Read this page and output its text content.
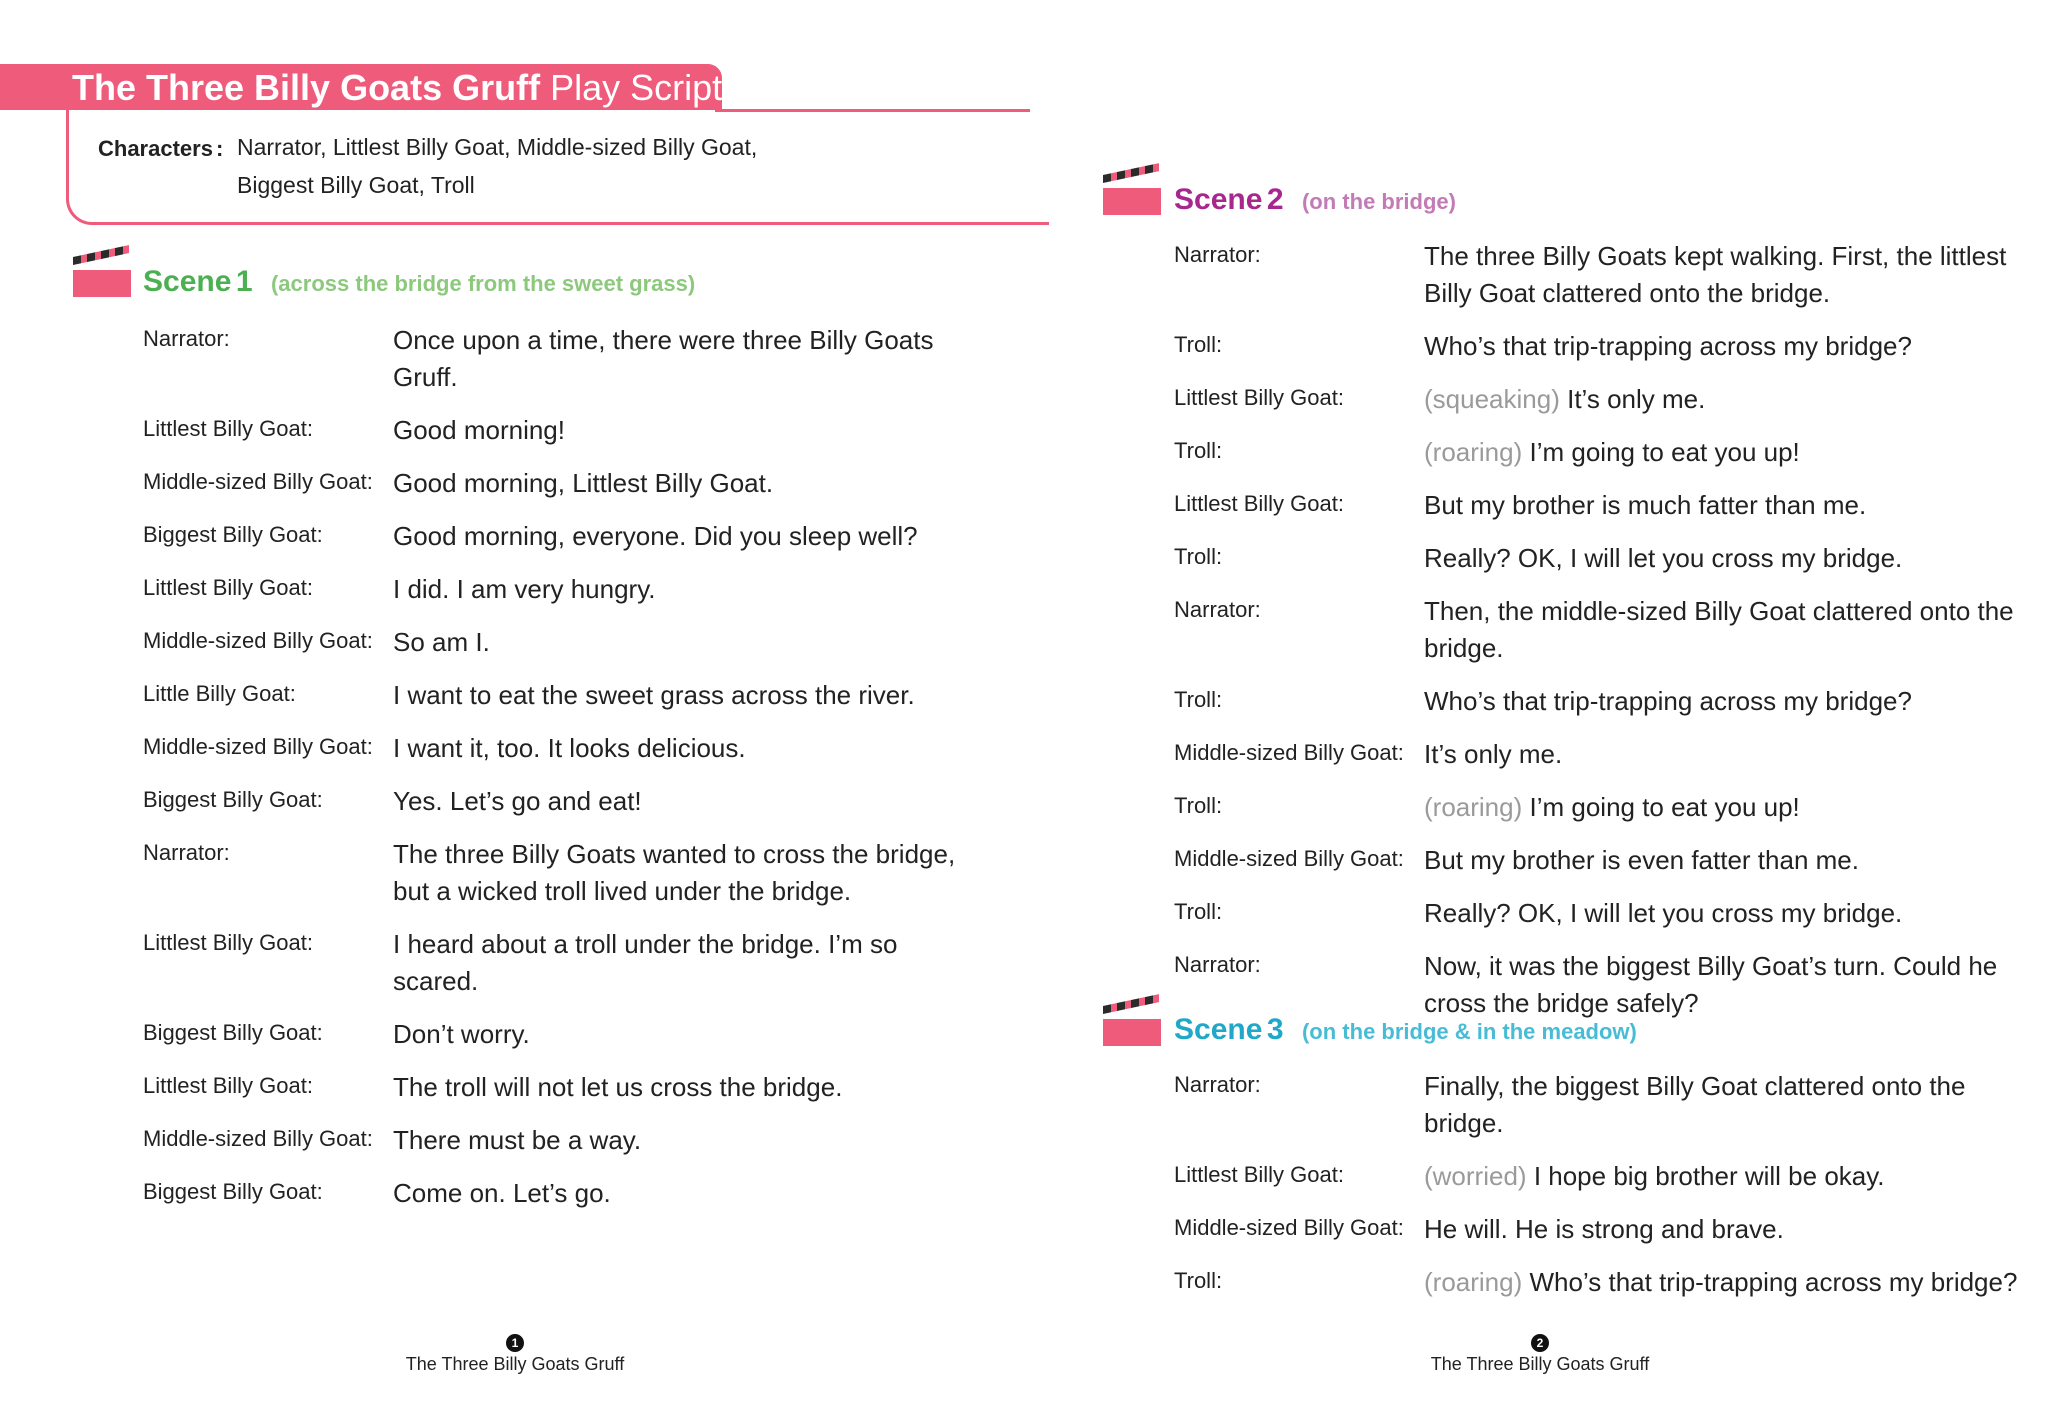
The Three Billy Goats Gruff Play Script
Characters : Narrator, Littlest Billy Goat, Middle-sized Billy Goat,
Biggest Billy Goat, Troll
Scene 1 (across the bridge from the sweet grass)
Narrator:	Once upon a time, there were three Billy Goats Gruff.
Littlest Billy Goat:	Good morning!
Middle-sized Billy Goat: Good morning, Littlest Billy Goat.
Biggest Billy Goat:	Good morning, everyone. Did you sleep well?
Littlest Billy Goat:	I did. I am very hungry.
Middle-sized Billy Goat: So am I.
Little Billy Goat:	I want to eat the sweet grass across the river.
Middle-sized Billy Goat: I want it, too. It looks delicious.
Biggest Billy Goat:	Yes. Let’s go and eat!
Narrator:	The three Billy Goats wanted to cross the bridge, but a wicked troll lived under the bridge.
Littlest Billy Goat:	I heard about a troll under the bridge. I’m so scared.
Biggest Billy Goat:	Don’t worry.
Littlest Billy Goat:	The troll will not let us cross the bridge.
Middle-sized Billy Goat: There must be a way.
Biggest Billy Goat:	Come on. Let’s go.
1
The Three Billy Goats Gruff
Scene 2 (on the bridge)
Narrator:	The three Billy Goats kept walking. First, the littlest Billy Goat clattered onto the bridge.
Troll:	Who’s that trip-trapping across my bridge?
Littlest Billy Goat:	(squeaking) It’s only me.
Troll:	(roaring) I’m going to eat you up!
Littlest Billy Goat:	But my brother is much fatter than me.
Troll:	Really? OK, I will let you cross my bridge.
Narrator:	Then, the middle-sized Billy Goat clattered onto the bridge.
Troll:	Who’s that trip-trapping across my bridge?
Middle-sized Billy Goat: It’s only me.
Troll:	(roaring) I’m going to eat you up!
Middle-sized Billy Goat: But my brother is even fatter than me.
Troll:	Really? OK, I will let you cross my bridge.
Narrator:	Now, it was the biggest Billy Goat’s turn. Could he cross the bridge safely?
Scene 3 (on the bridge & in the meadow)
Narrator:	Finally, the biggest Billy Goat clattered onto the bridge.
Littlest Billy Goat:	(worried) I hope big brother will be okay.
Middle-sized Billy Goat: He will. He is strong and brave.
Troll:	(roaring) Who’s that trip-trapping across my bridge?
2
The Three Billy Goats Gruff
